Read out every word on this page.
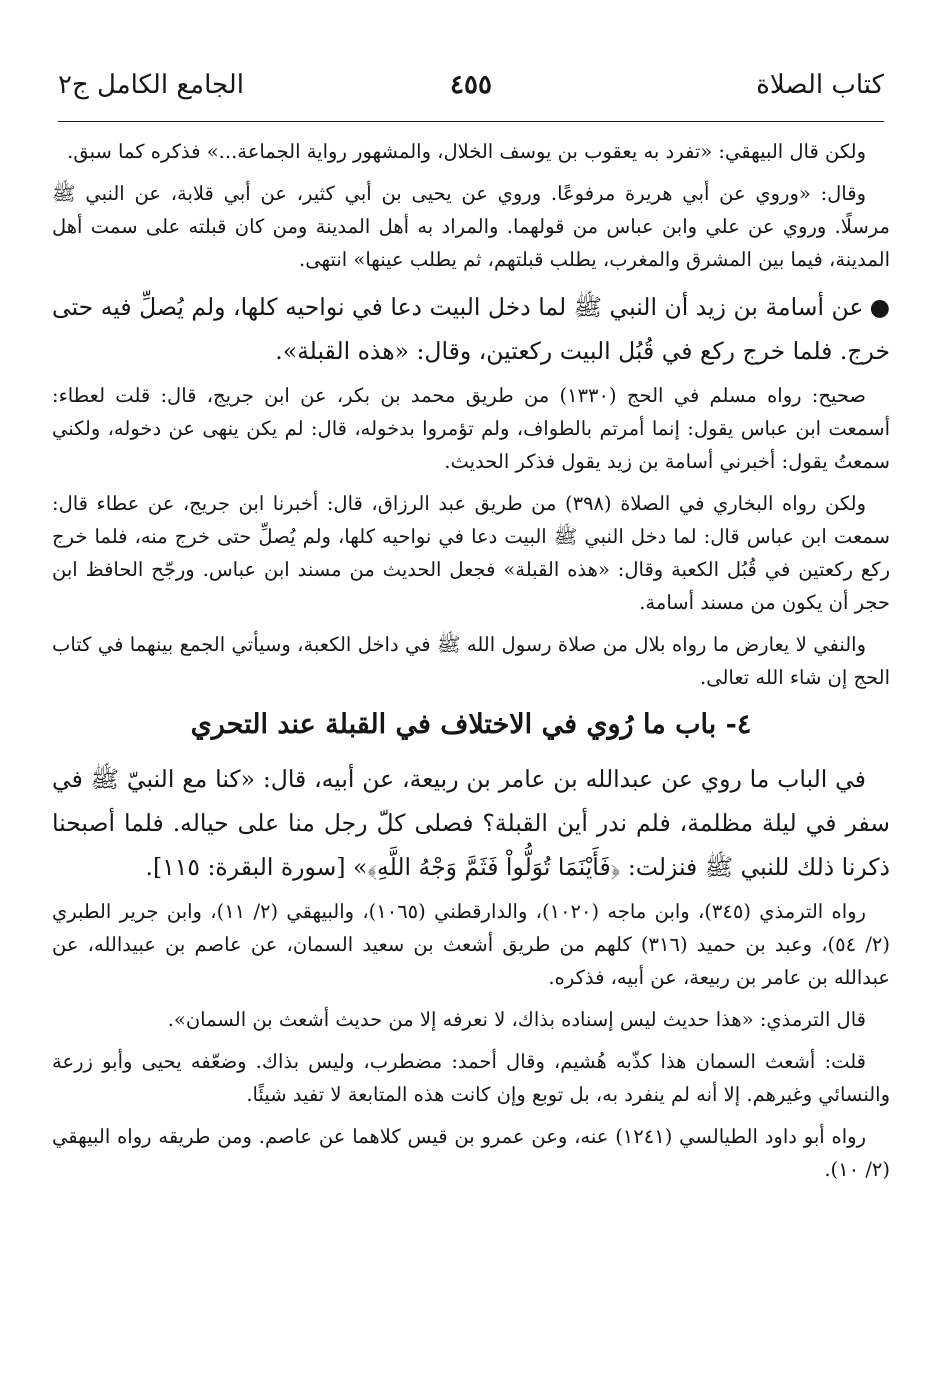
كتاب الصلاة
٤٥٥
الجامع الكامل ج٢

ولكن قال البيهقي: «تفرد به يعقوب بن يوسف الخلال، والمشهور رواية الجماعة...» فذكره كما سبق.

وقال: «وروي عن أبي هريرة مرفوعًا. وروي عن يحيى بن أبي كثير، عن أبي قلابة، عن النبي ﷺ مرسلًا. وروي عن علي وابن عباس من قولهما. والمراد به أهل المدينة ومن كان قبلته على سمت أهل المدينة، فيما بين المشرق والمغرب، يطلب قبلتهم، ثم يطلب عينها» انتهى.

●عن أسامة بن زيد أن النبي ﷺ لما دخل البيت دعا في نواحيه كلها، ولم يُصلِّ فيه حتى خرج. فلما خرج ركع في قُبُل البيت ركعتين، وقال: «هذه القبلة».

صحيح: رواه مسلم في الحج (١٣٣٠) من طريق محمد بن بكر، عن ابن جريج، قال: قلت لعطاء: أسمعت ابن عباس يقول: إنما أمرتم بالطواف، ولم تؤمروا بدخوله، قال: لم يكن ينهى عن دخوله، ولكني سمعتُ يقول: أخبرني أسامة بن زيد يقول فذكر الحديث.

ولكن رواه البخاري في الصلاة (٣٩٨) من طريق عبد الرزاق، قال: أخبرنا ابن جريج، عن عطاء قال: سمعت ابن عباس قال: لما دخل النبي ﷺ البيت دعا في نواحيه كلها، ولم يُصلِّ حتى خرج منه، فلما خرج ركع ركعتين في قُبُل الكعبة وقال: «هذه القبلة» فجعل الحديث من مسند ابن عباس. ورجّح الحافظ ابن حجر أن يكون من مسند أسامة.

والنفي لا يعارض ما رواه بلال من صلاة رسول الله ﷺ في داخل الكعبة، وسيأتي الجمع بينهما في كتاب الحج إن شاء الله تعالى.

٤- باب ما رُوي في الاختلاف في القبلة عند التحري

في الباب ما روي عن عبدالله بن عامر بن ربيعة، عن أبيه، قال: «كنا مع النبيّ ﷺ في سفر في ليلة مظلمة، فلم ندر أين القبلة؟ فصلى كلّ رجل منا على حياله. فلما أصبحنا ذكرنا ذلك للنبي ﷺ فنزلت: ﴿فَأَيْنَمَا تُوَلُّواْ فَثَمَّ وَجْهُ اللَّهِ﴾» [سورة البقرة: ١١٥].

رواه الترمذي (٣٤٥)، وابن ماجه (١٠٢٠)، والدارقطني (١٠٦٥)، والبيهقي (٢/ ١١)، وابن جرير الطبري (٢/ ٥٤)، وعبد بن حميد (٣١٦) كلهم من طريق أشعث بن سعيد السمان، عن عاصم بن عبيدالله، عن عبدالله بن عامر بن ربيعة، عن أبيه، فذكره.

قال الترمذي: «هذا حديث ليس إسناده بذاك، لا نعرفه إلا من حديث أشعث بن السمان».

قلت: أشعث السمان هذا كذّبه هُشيم، وقال أحمد: مضطرب، وليس بذاك. وضعّفه يحيى وأبو زرعة والنسائي وغيرهم. إلا أنه لم ينفرد به، بل توبع وإن كانت هذه المتابعة لا تفيد شيئًا.

رواه أبو داود الطيالسي (١٢٤١) عنه، وعن عمرو بن قيس كلاهما عن عاصم. ومن طريقه رواه البيهقي (٢/ ١٠).
